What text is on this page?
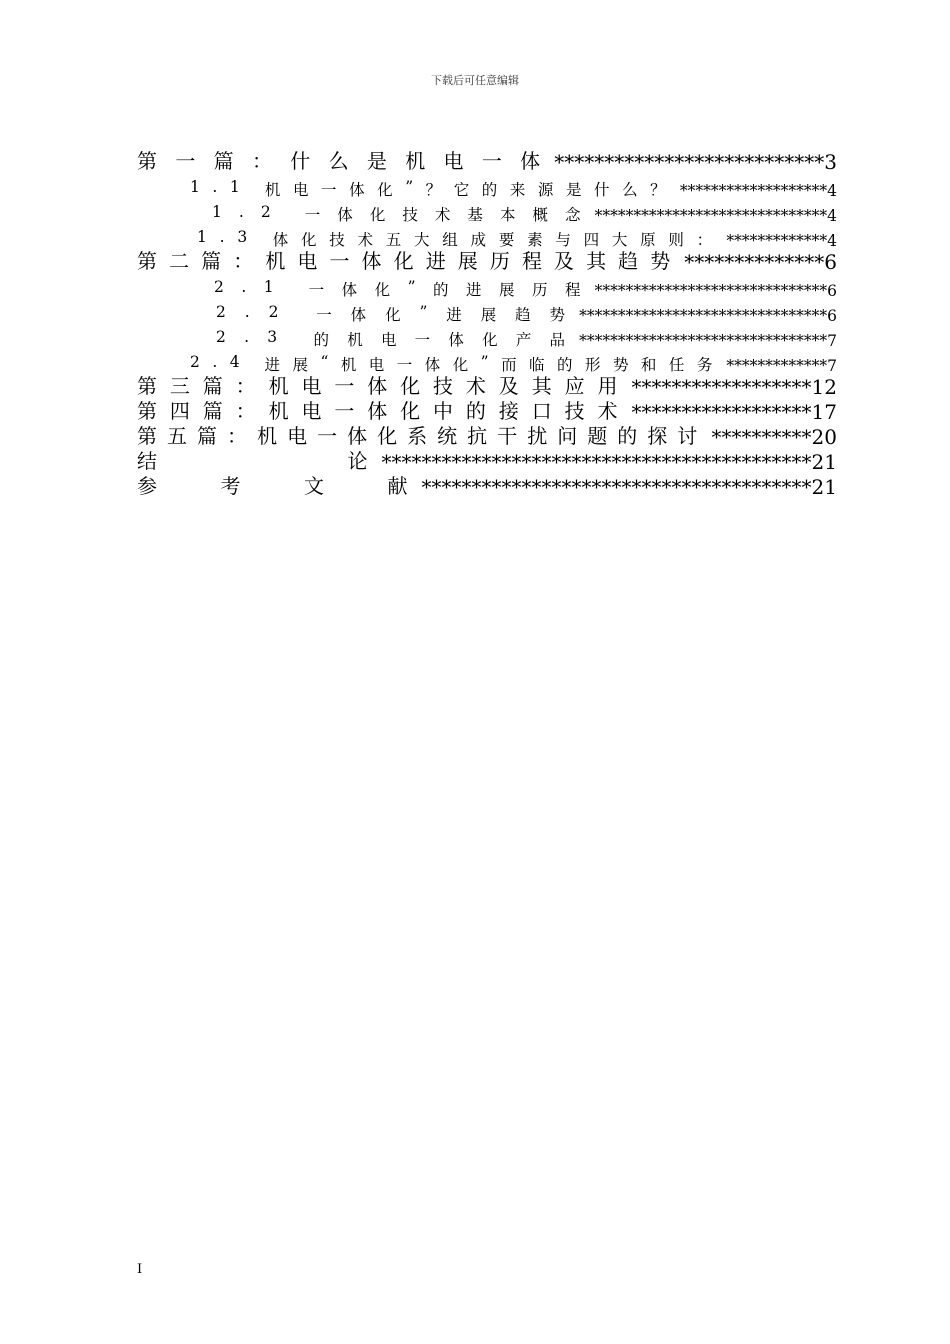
下载后可任意编辑
第 一 篇 ： 什 么 是 机 电 一 体 *************************** 3
1 . 1 机 电 一 体 化 ” ？ 它 的 来 源 是 什 么 ？ ******************* 4
1 . 2 一 体 化 技 术 基 本 概 念 ****************************** 4
1 . 3 体 化 技 术 五 大 组 成 要 素 与 四 大 原 则 ： ************* 4
第 二 篇 ： 机 电 一 体 化 进 展 历 程 及 其 趋 势 ************** 6
2 . 1 一 体 化 ” 的 进 展 历 程 ****************************** 6
2 . 2 一 体 化 ” 进 展 趋 势 ******************************** 6
2 . 3 的 机 电 一 体 化 产 品 ******************************** 7
2 . 4 进 展 “ 机 电 一 体 化 ” 而 临 的 形 势 和 任 务 ************* 7
第 三 篇 ： 机 电 一 体 化 技 术 及 其 应 用 ****************** 12
第 四 篇 ： 机 电 一 体 化 中 的 接 口 技 术 ****************** 17
第 五 篇 ： 机 电 一 体 化 系 统 抗 干 扰 问 题 的 探 讨 ********** 20
结	论 ******************************************* 21
参	考	文	献 *************************************** 21
I
